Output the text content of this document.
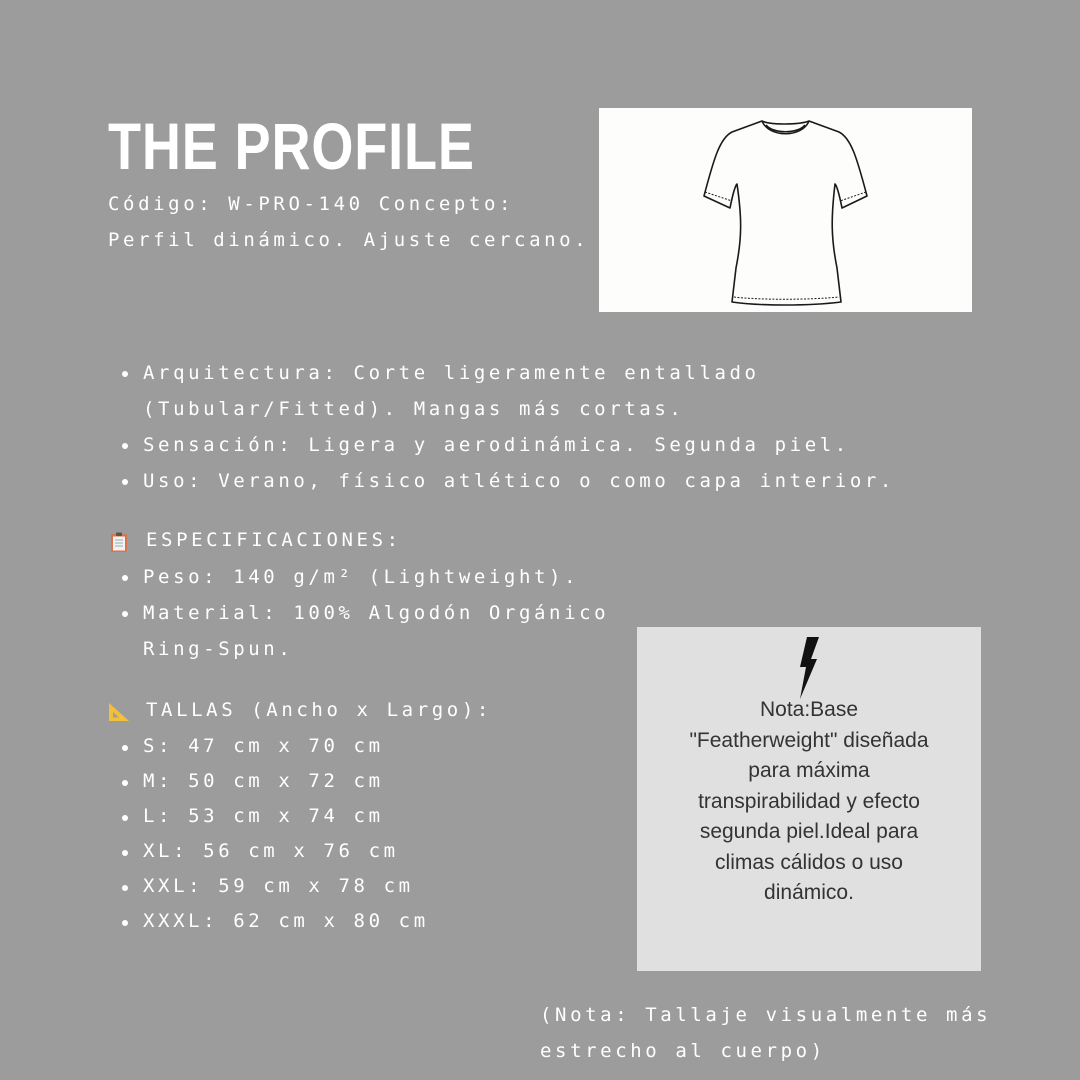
THE PROFILE
Código: W-PRO-140 Concepto:
Perfil dinámico. Ajuste cercano.
Arquitectura: Corte ligeramente entallado
(Tubular/Fitted). Mangas más cortas.
Sensación: Ligera y aerodinámica. Segunda piel.
Uso: Verano, físico atlético o como capa interior.
ESPECIFICACIONES:
Peso: 140 g/m² (Lightweight).
Material: 100% Algodón Orgánico
Ring-Spun.
TALLAS (Ancho x Largo):
S: 47 cm x 70 cm
M: 50 cm x 72 cm
L: 53 cm x 74 cm
XL: 56 cm x 76 cm
XXL: 59 cm x 78 cm
XXXL: 62 cm x 80 cm
Nota:Base
"Featherweight" diseñada
para máxima
transpirabilidad y efecto
segunda piel.Ideal para
climas cálidos o uso
dinámico.
(Nota: Tallaje visualmente más
estrecho al cuerpo)
